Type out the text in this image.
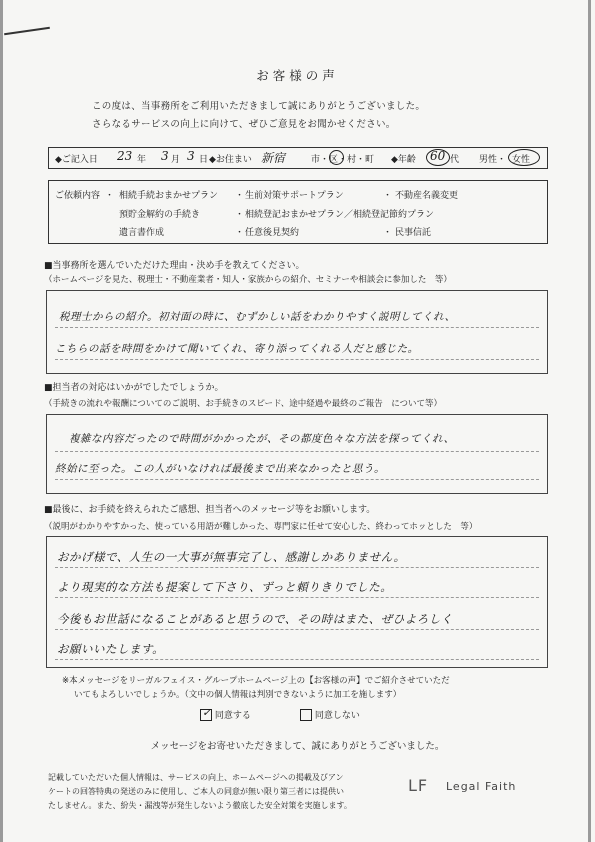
お客様の声
この度は、当事務所をご利用いただきまして誠にありがとうございました。
さらなるサービスの向上に向けて、ぜひご意見をお聞かせください。
◆ご記入日 23 年 3 月 3 日 ◆お住まい 新宿	市・区・村・町 ◆年齢 60 代 男性・ 女性
ご依頼内容 ・ 相続手続おまかせプラン ・ 生前対策サポートプラン	・ 不動産名義変更
預貯金解約の手続き	・ 相続登記おまかせプラン／相続登記節約プラン
遺言書作成	・ 任意後見契約	・ 民事信託
■当事務所を選んでいただけた理由・決め手を教えてください。
（ホームページを見た、税理士・不動産業者・知人・家族からの紹介、セミナーや相談会に参加した　等）
税理士からの紹介。初対面の時に、むずかしい話をわかりやすく説明してくれ、
こちらの話を時間をかけて聞いてくれ、寄り添ってくれる人だと感じた。
■担当者の対応はいかがでしたでしょうか。
（手続きの流れや報酬についてのご説明、お手続きのスピード、途中経過や最終のご報告　について等）
複雑な内容だったので時間がかかったが、その都度色々な方法を探ってくれ、
終始に至った。この人がいなければ最後まで出来なかったと思う。
■最後に、お手続を終えられたご感想、担当者へのメッセージ等をお願いします。
（説明がわかりやすかった、使っている用語が難しかった、専門家に任せて安心した、終わってホッとした　等）
おかげ様で、人生の一大事が無事完了し、感謝しかありません。
より現実的な方法も提案して下さり、ずっと頼りきりでした。
今後もお世話になることがあると思うので、その時はまた、ぜひよろしく
お願いいたします。
※本メッセージをリーガルフェイス・グループホームページ上の【お客様の声】でご紹介させていただ
いてもよろしいでしょうか。（文中の個人情報は判別できないように加工を施します）
✓ 同意する	同意しない
メッセージをお寄せいただきまして、誠にありがとうございました。
記載していただいた個人情報は、サービスの向上、ホームページへの掲載及びアン
ケートの回答特典の発送のみに使用し、ご本人の同意が無い限り第三者には提供い
たしません。また、紛失・漏洩等が発生しないよう徹底した安全対策を実施します。
LF Legal Faith
